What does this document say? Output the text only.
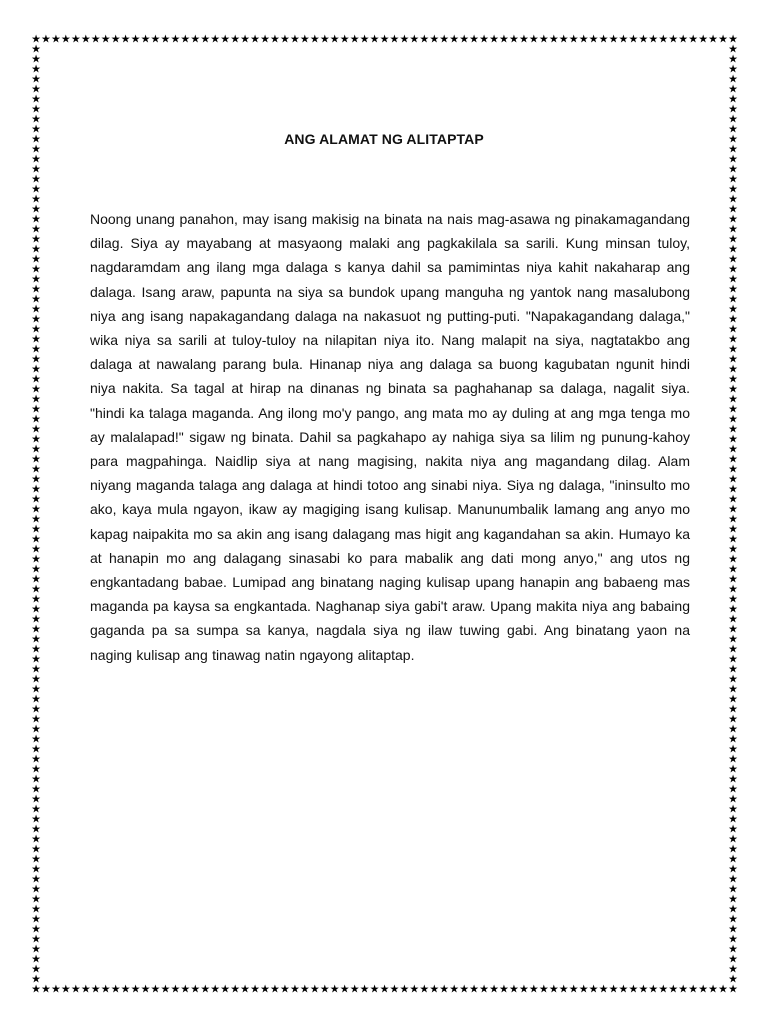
★
★
★
★
★
★
★
★
★
★
★
★
★
★
★
★
★
★
★
★
★
★
★
★
★
★
★
★
★
★
★
★
★
★
★
★
★
★
★
★
★
★
★
★
★
★
★
★
★
★
★
★
★
★
★
★
★
★
★
★
★
★
★
★
★
★
★
★
★
★
★
★
★
★
★
★
★
★
★
★
★
★
★
★
★
★
★
★
★
★
★
★
★
★
★
★
★
★
★
★
★
★
★
★
★
★
★
★
★
★
★
★
★
★
★
★
★
★
★
★
★
★
★
★
★
★
★
★
★
★
★
★
★
★
★
★
★
★
★
★
★
★
★	★
★	★
★	★
★	★
★	★
★	★
★	★
★	★
★	★
★	★
★	★
★	★
★	★
★	★
★	★
★	★
★	★
★	★
★	★
★	★
★	★
★	★
★	★
★	★
★	★
★	★
★	★
★	★
★	★
★	★
★	★
★	★
★	★
★	★
★	★
★	★
★	★
★	★
★	★
★	★
★	★
★	★
★	★
★	★
★	★
★	★
★	★
★	★
★	★
★	★
★	★
★	★
★	★
★	★
★	★
★	★
★	★
★	★
★	★
★	★
★	★
★	★
★	★
★	★
★	★
★	★
★	★
★	★
★	★
★	★
★	★
★	★
★	★
★	★
★	★
★	★
★	★
★	★
★	★
★	★
★	★
★	★
★	★
★	★
★	★
★	★
★	★
★	★
★	★
★	★
★	★
★	★
★	★
★	★
ANG ALAMAT NG ALITAPTAP

Noong unang panahon, may isang makisig na binata na nais mag-asawa ng pinakamagandang dilag. Siya ay mayabang at masyaong malaki ang pagkakilala sa sarili. Kung minsan tuloy, nagdaramdam ang ilang mga dalaga s kanya dahil sa pamimintas niya kahit nakaharap ang dalaga. Isang araw, papunta na siya sa bundok upang manguha ng yantok nang masalubong niya ang isang napakagandang dalaga na nakasuot ng putting-puti. "Napakagandang dalaga," wika niya sa sarili at tuloy-tuloy na nilapitan niya ito. Nang malapit na siya, nagtatakbo ang dalaga at nawalang parang bula. Hinanap niya ang dalaga sa buong kagubatan ngunit hindi niya nakita. Sa tagal at hirap na dinanas ng binata sa paghahanap sa dalaga, nagalit siya. "hindi ka talaga maganda. Ang ilong mo'y pango, ang mata mo ay duling at ang mga tenga mo ay malalapad!" sigaw ng binata. Dahil sa pagkahapo ay nahiga siya sa lilim ng punung-kahoy para magpahinga. Naidlip siya at nang magising, nakita niya ang magandang dilag. Alam niyang maganda talaga ang dalaga at hindi totoo ang sinabi niya. Siya ng dalaga, "ininsulto mo ako, kaya mula ngayon, ikaw ay magiging isang kulisap. Manunumbalik lamang ang anyo mo kapag naipakita mo sa akin ang isang dalagang mas higit ang kagandahan sa akin. Humayo ka at hanapin mo ang dalagang sinasabi ko para mabalik ang dati mong anyo," ang utos ng engkantadang babae. Lumipad ang binatang naging kulisap upang hanapin ang babaeng mas maganda pa kaysa sa engkantada. Naghanap siya gabi't araw. Upang makita niya ang babaing gaganda pa sa sumpa sa kanya, nagdala siya ng ilaw tuwing gabi. Ang binatang yaon na naging kulisap ang tinawag natin ngayong alitaptap.
